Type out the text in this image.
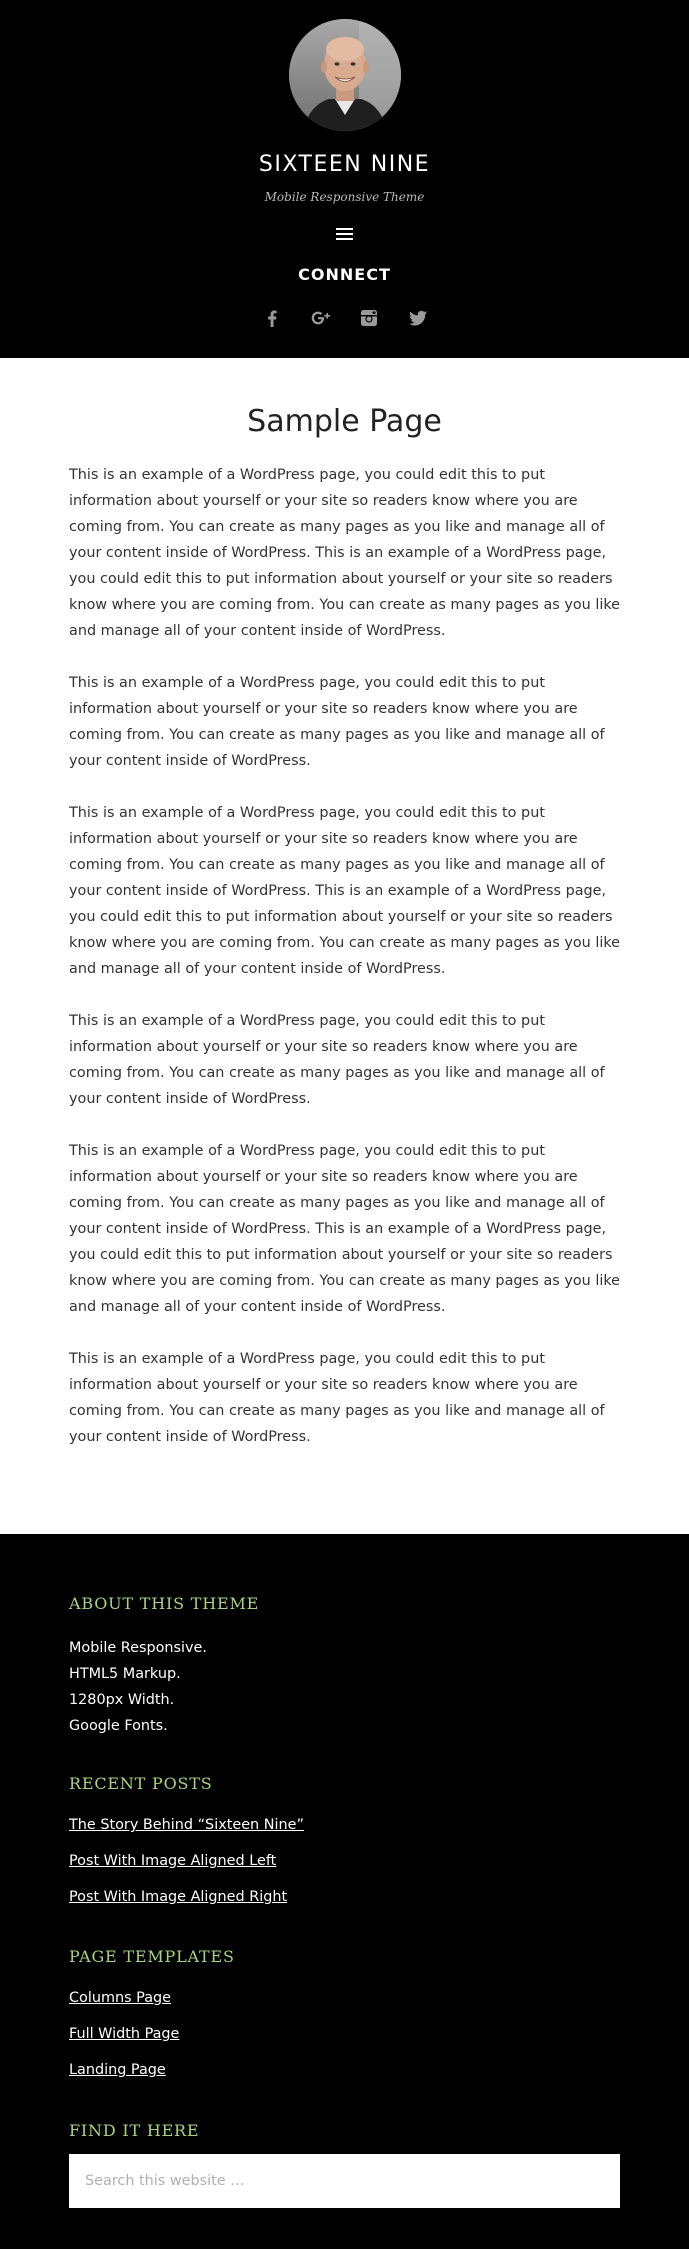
SIXTEEN NINE

Mobile Responsive Theme

CONNECT
Sample Page

This is an example of a WordPress page, you could edit this to put information about yourself or your site so readers know where you are coming from. You can create as many pages as you like and manage all of your content inside of WordPress. This is an example of a WordPress page, you could edit this to put information about yourself or your site so readers know where you are coming from. You can create as many pages as you like and manage all of your content inside of WordPress.

This is an example of a WordPress page, you could edit this to put information about yourself or your site so readers know where you are coming from. You can create as many pages as you like and manage all of your content inside of WordPress.

This is an example of a WordPress page, you could edit this to put information about yourself or your site so readers know where you are coming from. You can create as many pages as you like and manage all of your content inside of WordPress. This is an example of a WordPress page, you could edit this to put information about yourself or your site so readers know where you are coming from. You can create as many pages as you like and manage all of your content inside of WordPress.

This is an example of a WordPress page, you could edit this to put information about yourself or your site so readers know where you are coming from. You can create as many pages as you like and manage all of your content inside of WordPress.

This is an example of a WordPress page, you could edit this to put information about yourself or your site so readers know where you are coming from. You can create as many pages as you like and manage all of your content inside of WordPress. This is an example of a WordPress page, you could edit this to put information about yourself or your site so readers know where you are coming from. You can create as many pages as you like and manage all of your content inside of WordPress.

This is an example of a WordPress page, you could edit this to put information about yourself or your site so readers know where you are coming from. You can create as many pages as you like and manage all of your content inside of WordPress.

ABOUT THIS THEME
Mobile Responsive.
HTML5 Markup.
1280px Width.
Google Fonts.
RECENT POSTS
The Story Behind “Sixteen Nine”
Post With Image Aligned Left
Post With Image Aligned Right
PAGE TEMPLATES
Columns Page
Full Width Page
Landing Page
FIND IT HERE
Search this website …
